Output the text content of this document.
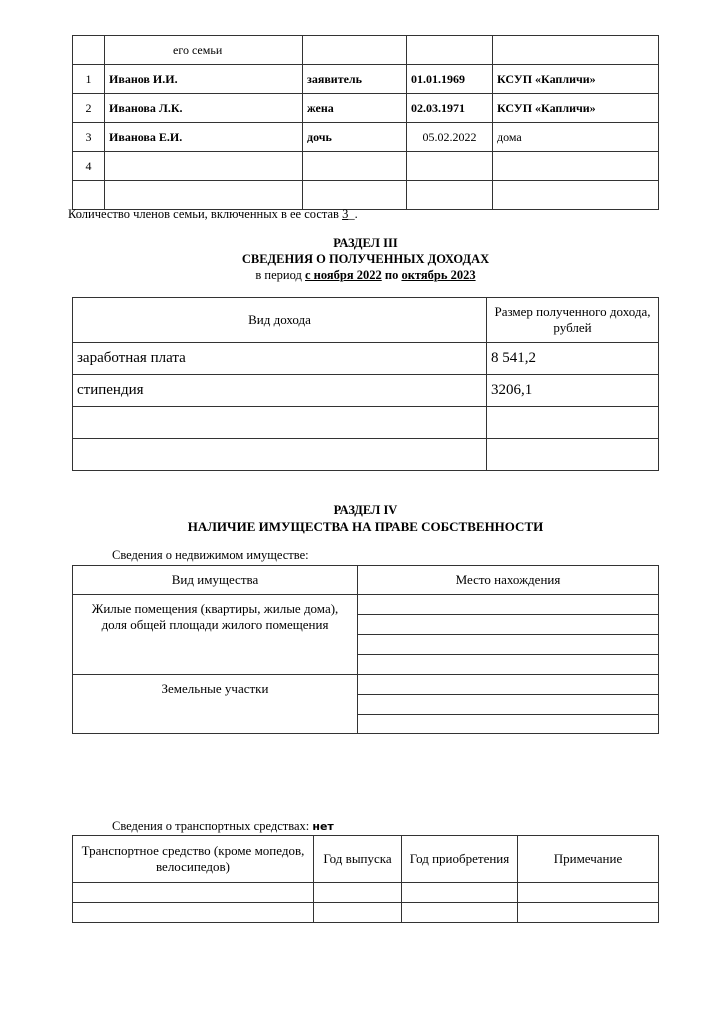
	его семьи			
1	Иванов И.И.	заявитель	01.01.1969	КСУП «Капличи»
2	Иванова Л.К.	жена	02.03.1971	КСУП «Капличи»
3	Иванова Е.И.	дочь	05.02.2022	дома
4				

Количество членов семьи, включенных в ее состав 3_.
РАЗДЕЛ III
СВЕДЕНИЯ О ПОЛУЧЕННЫХ ДОХОДАХ
в период с ноября 2022 по октябрь 2023
Вид дохода	Размер полученного дохода, рублей
заработная плата	8 541,2
стипендия	3206,1

РАЗДЕЛ IV
НАЛИЧИЕ ИМУЩЕСТВА НА ПРАВЕ СОБСТВЕННОСТИ
Сведения о недвижимом имуществе:
Вид имущества	Место нахождения
Жилые помещения (квартиры, жилые дома), доля общей площади жилого помещения	

Земельные участки	

Сведения о транспортных средствах: нет
Транспортное средство (кроме мопедов, велосипедов)	Год выпуска	Год приобретения	Примечание
